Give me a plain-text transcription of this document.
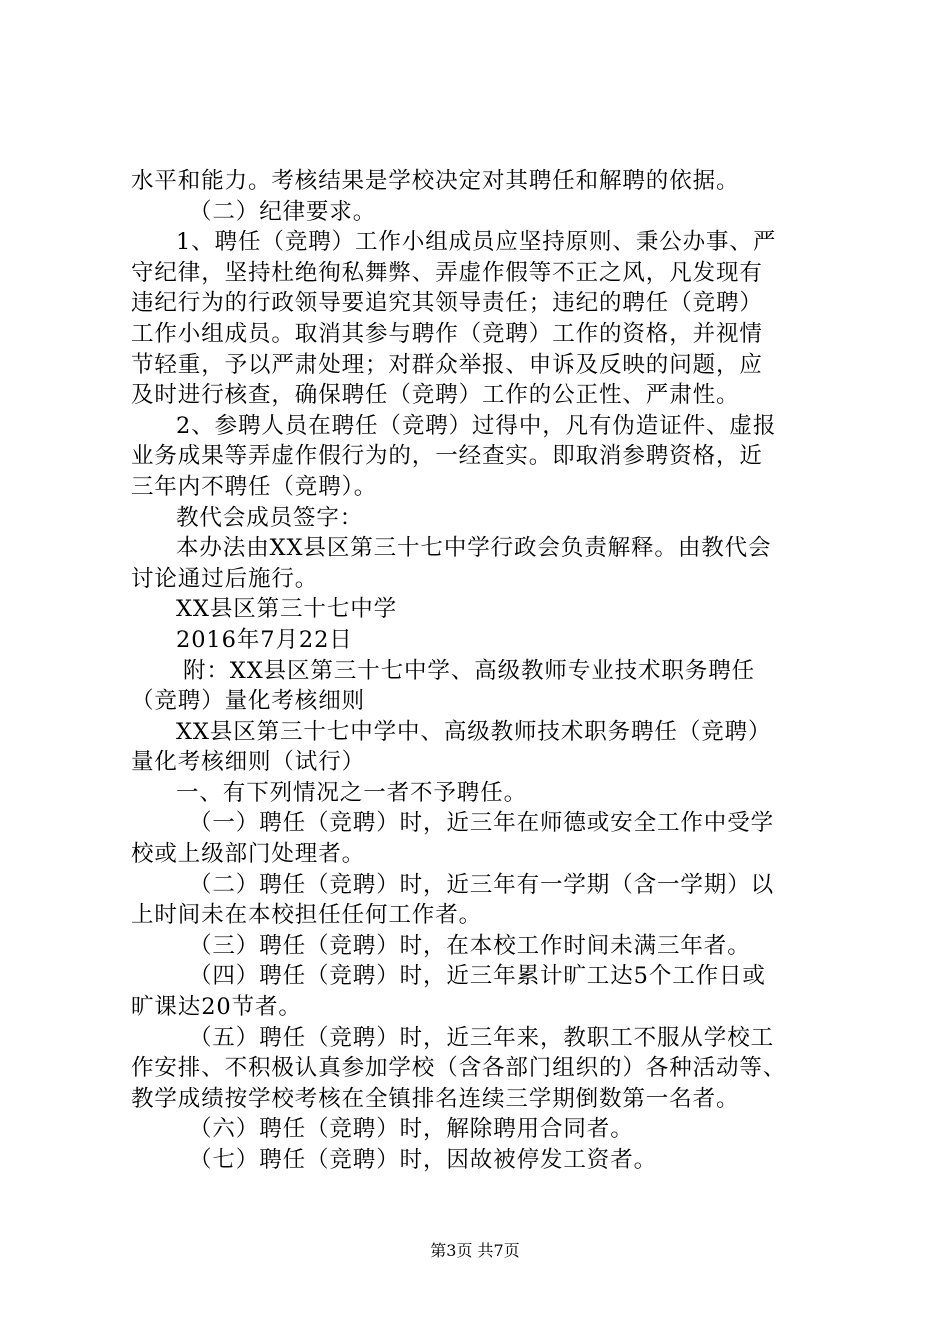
水平和能力。考核结果是学校决定对其聘任和解聘的依据。
（二）纪律要求。
1、聘任（竞聘）工作小组成员应坚持原则、秉公办事、严
守纪律，坚持杜绝徇私舞弊、弄虚作假等不正之风，凡发现有
违纪行为的行政领导要追究其领导责任；违纪的聘任（竞聘）
工作小组成员。取消其参与聘作（竞聘）工作的资格，并视情
节轻重，予以严肃处理；对群众举报、申诉及反映的问题，应
及时进行核查，确保聘任（竞聘）工作的公正性、严肃性。
2、参聘人员在聘任（竞聘）过得中，凡有伪造证件、虚报
业务成果等弄虚作假行为的，一经查实。即取消参聘资格，近
三年内不聘任（竞聘）。
教代会成员签字：
本办法由XX县区第三十七中学行政会负责解释。由教代会
讨论通过后施行。
XX县区第三十七中学
2016年7月22日
附：XX县区第三十七中学、高级教师专业技术职务聘任
（竞聘）量化考核细则
XX县区第三十七中学中、高级教师技术职务聘任（竞聘）
量化考核细则（试行）
一、有下列情况之一者不予聘任。
（一）聘任（竞聘）时，近三年在师德或安全工作中受学
校或上级部门处理者。
（二）聘任（竞聘）时，近三年有一学期（含一学期）以
上时间未在本校担任任何工作者。
（三）聘任（竞聘）时，在本校工作时间未满三年者。
（四）聘任（竞聘）时，近三年累计旷工达5个工作日或
旷课达20节者。
（五）聘任（竞聘）时，近三年来，教职工不服从学校工
作安排、不积极认真参加学校（含各部门组织的）各种活动等、
教学成绩按学校考核在全镇排名连续三学期倒数第一名者。
（六）聘任（竞聘）时，解除聘用合同者。
（七）聘任（竞聘）时，因故被停发工资者。
第3页 共7页
